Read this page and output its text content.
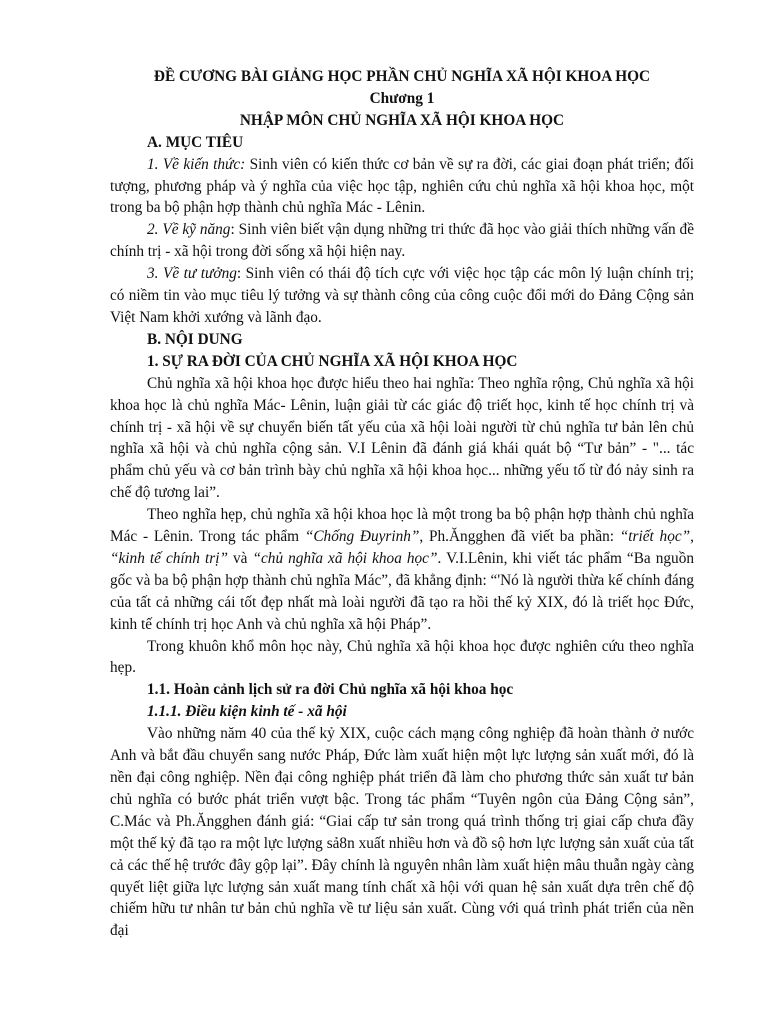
ĐỀ CƯƠNG BÀI GIẢNG HỌC PHẦN CHỦ NGHĨA XÃ HỘI KHOA HỌC

Chương 1

NHẬP MÔN CHỦ NGHĨA XÃ HỘI KHOA HỌC

A. MỤC TIÊU

1. Về kiến thức: Sinh viên có kiến thức cơ bản về sự ra đời, các giai đoạn phát triển; đối tượng, phương pháp và ý nghĩa của việc học tập, nghiên cứu chủ nghĩa xã hội khoa học, một trong ba bộ phận hợp thành chủ nghĩa Mác - Lênin.

2. Về kỹ năng: Sinh viên biết vận dụng những tri thức đã học vào giải thích những vấn đề chính trị - xã hội trong đời sống xã hội hiện nay.

3. Về tư tưởng: Sinh viên có thái độ tích cực với việc học tập các môn lý luận chính trị; có niềm tin vào mục tiêu lý tưởng và sự thành công của công cuộc đổi mới do Đảng Cộng sản Việt Nam khởi xướng và lãnh đạo.

B. NỘI DUNG

1. SỰ RA ĐỜI CỦA CHỦ NGHĨA XÃ HỘI KHOA HỌC

Chủ nghĩa xã hội khoa học được hiểu theo hai nghĩa: Theo nghĩa rộng, Chủ nghĩa xã hội khoa học là chủ nghĩa Mác- Lênin, luận giải từ các giác độ triết học, kinh tế học chính trị và chính trị - xã hội về sự chuyển biến tất yếu của xã hội loài người từ chủ nghĩa tư bản lên chủ nghĩa xã hội và chủ nghĩa cộng sản. V.I Lênin đã đánh giá khái quát bộ “Tư bản” - "... tác phẩm chủ yếu và cơ bản trình bày chủ nghĩa xã hội khoa học... những yếu tố từ đó nảy sinh ra chế độ tương lai”.

Theo nghĩa hẹp, chủ nghĩa xã hội khoa học là một trong ba bộ phận hợp thành chủ nghĩa Mác - Lênin. Trong tác phẩm “Chống Đuyrinh”, Ph.Ăngghen đã viết ba phần: “triết học”, “kinh tế chính trị” và “chủ nghĩa xã hội khoa học”. V.I.Lênin, khi viết tác phẩm “Ba nguồn gốc và ba bộ phận hợp thành chủ nghĩa Mác”, đã khẳng định: “'Nó là người thừa kế chính đáng của tất cả những cái tốt đẹp nhất mà loài người đã tạo ra hồi thế kỷ XIX, đó là triết học Đức, kinh tế chính trị học Anh và chủ nghĩa xã hội Pháp”.

Trong khuôn khổ môn học này, Chủ nghĩa xã hội khoa học được nghiên cứu theo nghĩa hẹp.

1.1. Hoàn cảnh lịch sử ra đời Chủ nghĩa xã hội khoa học

1.1.1. Điều kiện kinh tế - xã hội

Vào những năm 40 của thế kỷ XIX, cuộc cách mạng công nghiệp đã hoàn thành ở nước Anh và bắt đầu chuyển sang nước Pháp, Đức làm xuất hiện một lực lượng sản xuất mới, đó là nền đại công nghiệp. Nền đại công nghiệp phát triển đã làm cho phương thức sản xuất tư bản chủ nghĩa có bước phát triển vượt bậc. Trong tác phẩm “Tuyên ngôn của Đảng Cộng sản”, C.Mác và Ph.Ăngghen đánh giá: “Giai cấp tư sản trong quá trình thống trị giai cấp chưa đầy một thế kỷ đã tạo ra một lực lượng sả8n xuất nhiều hơn và đồ sộ hơn lực lượng sản xuất của tất cả các thế hệ trước đây gộp lại”. Đây chính là nguyên nhân làm xuất hiện mâu thuẫn ngày càng quyết liệt giữa lực lượng sản xuất mang tính chất xã hội với quan hệ sản xuất dựa trên chế độ chiếm hữu tư nhân tư bản chủ nghĩa về tư liệu sản xuất. Cùng với quá trình phát triển của nền đại
